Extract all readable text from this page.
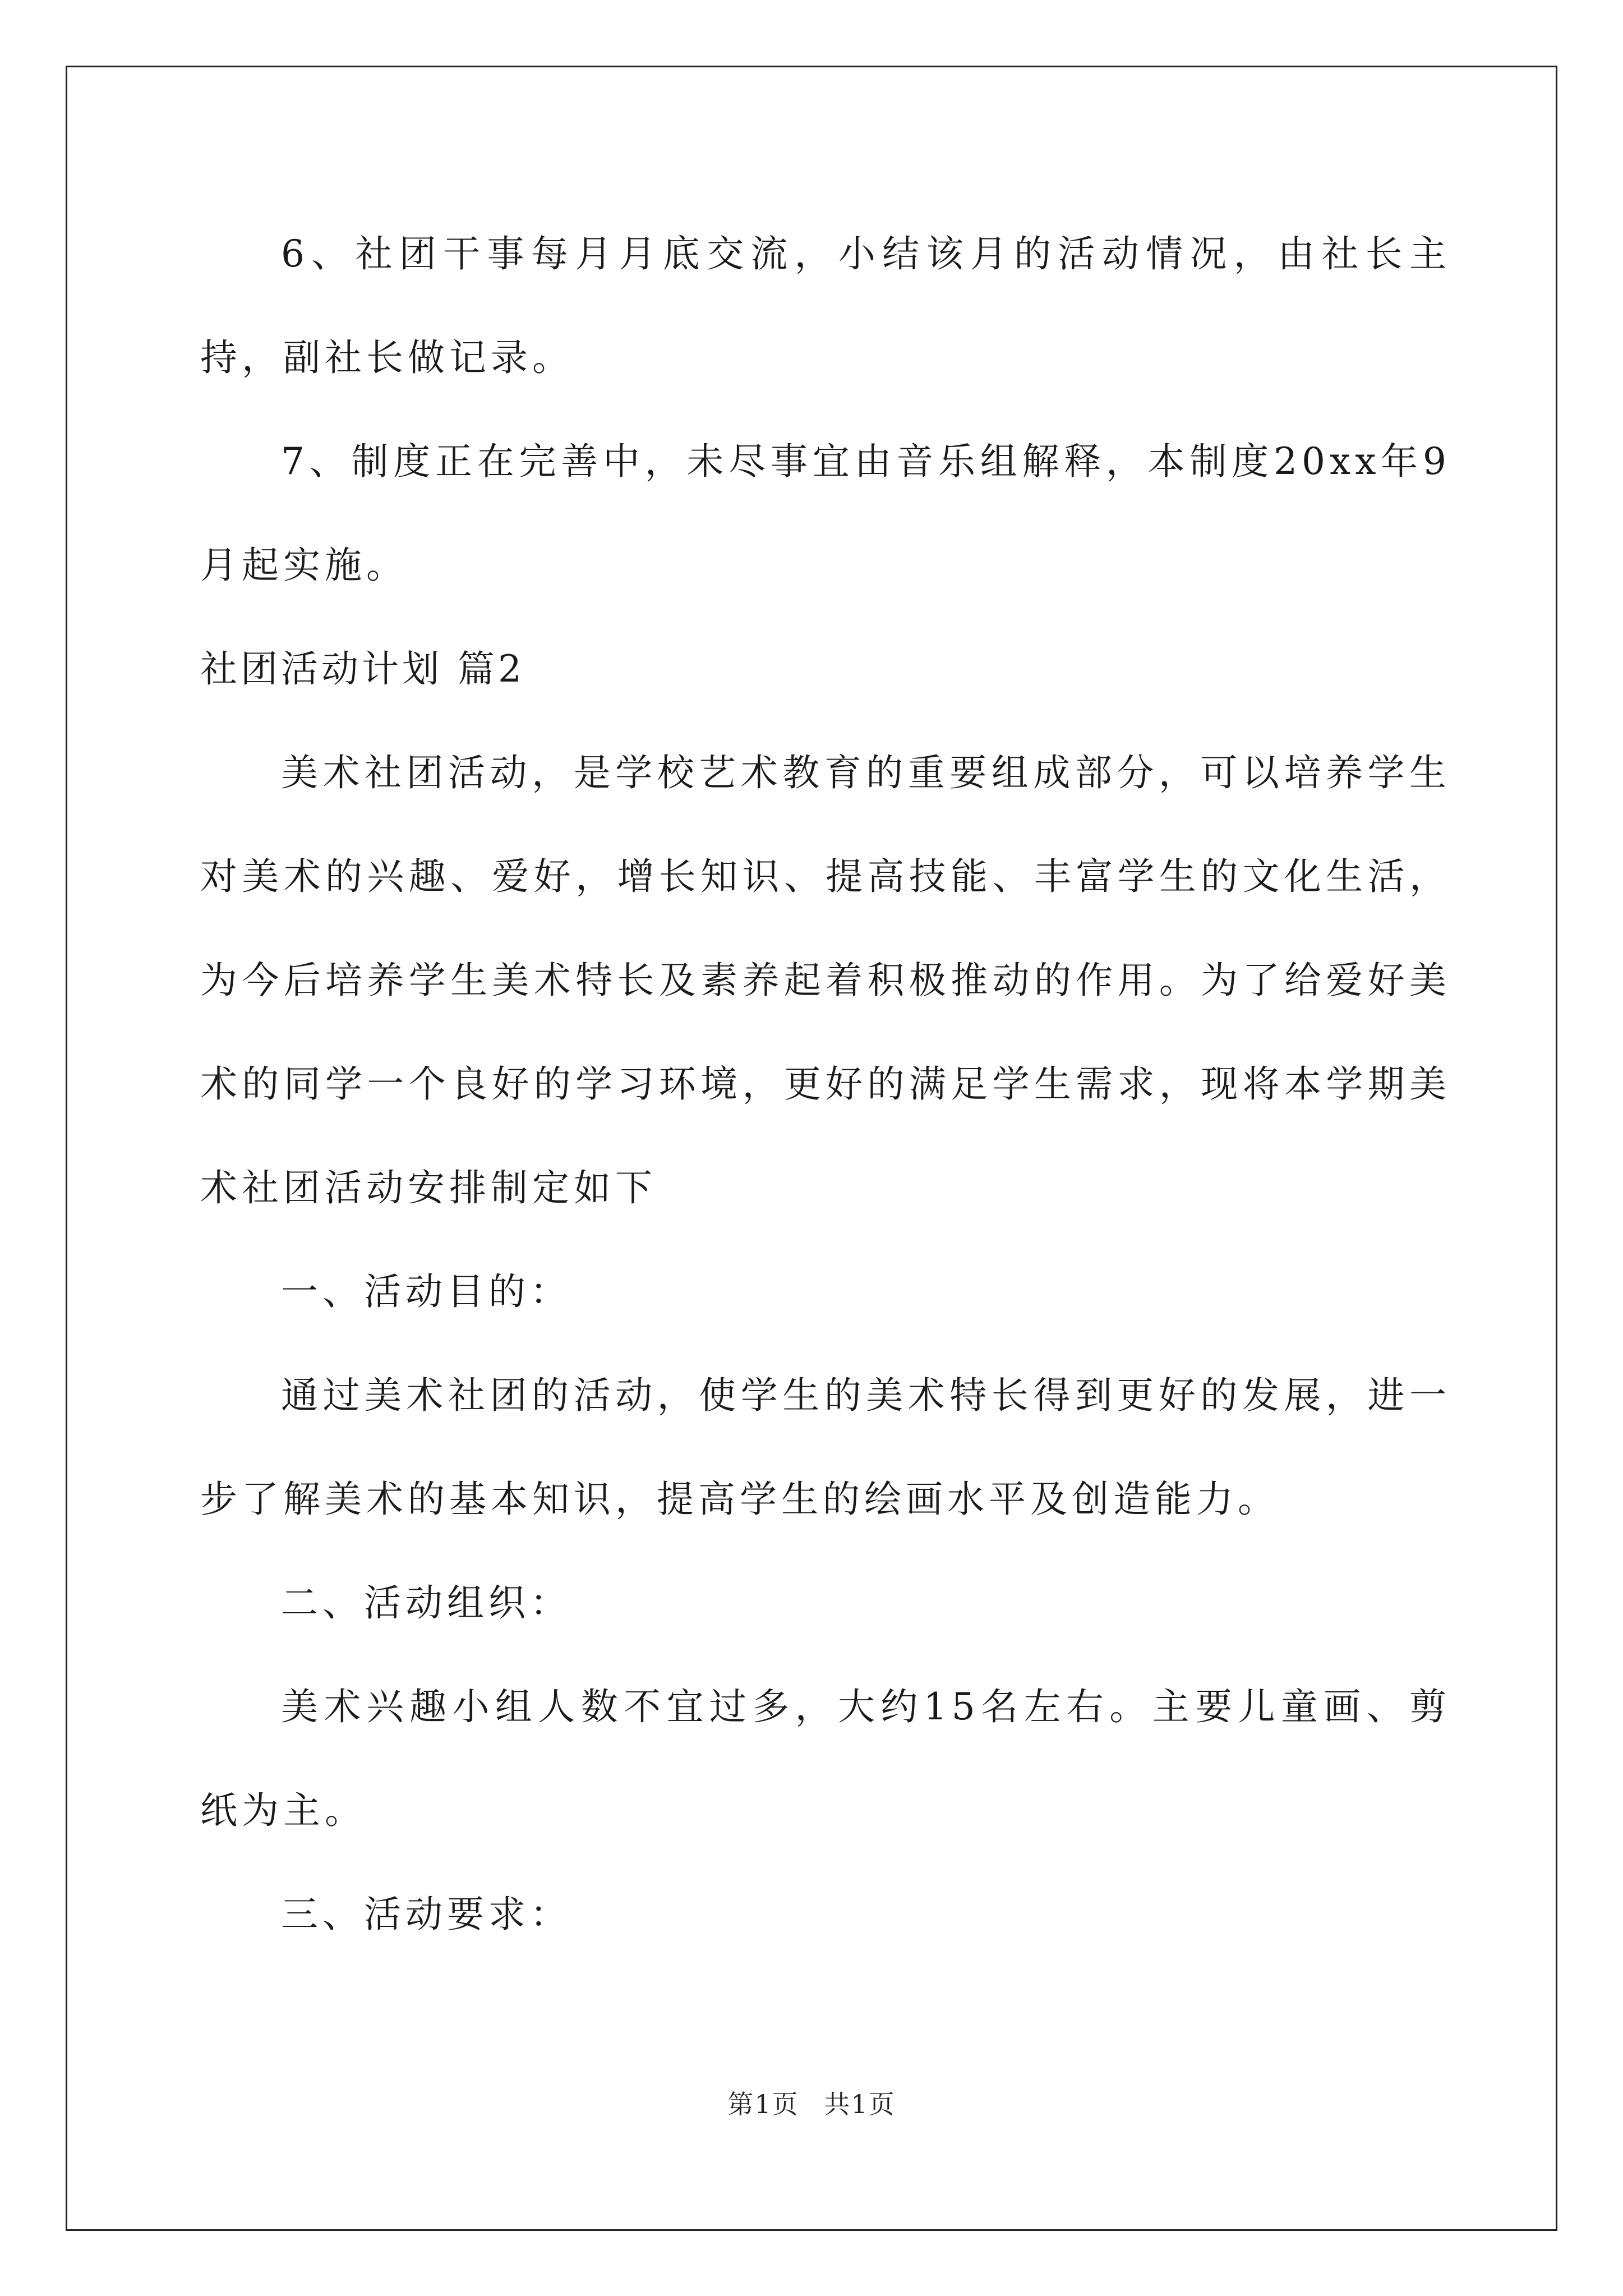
6、社团干事每月月底交流，小结该月的活动情况，由社长主持，副社长做记录。

7、制度正在完善中，未尽事宜由音乐组解释，本制度20xx年9月起实施。

社团活动计划 篇2

美术社团活动，是学校艺术教育的重要组成部分，可以培养学生对美术的兴趣、爱好，增长知识、提高技能、丰富学生的文化生活，为今后培养学生美术特长及素养起着积极推动的作用。为了给爱好美术的同学一个良好的学习环境，更好的满足学生需求，现将本学期美术社团活动安排制定如下

一、活动目的：

通过美术社团的活动，使学生的美术特长得到更好的发展，进一步了解美术的基本知识，提高学生的绘画水平及创造能力。

二、活动组织：

美术兴趣小组人数不宜过多，大约15名左右。主要儿童画、剪纸为主。

三、活动要求：

第1页 共1页
